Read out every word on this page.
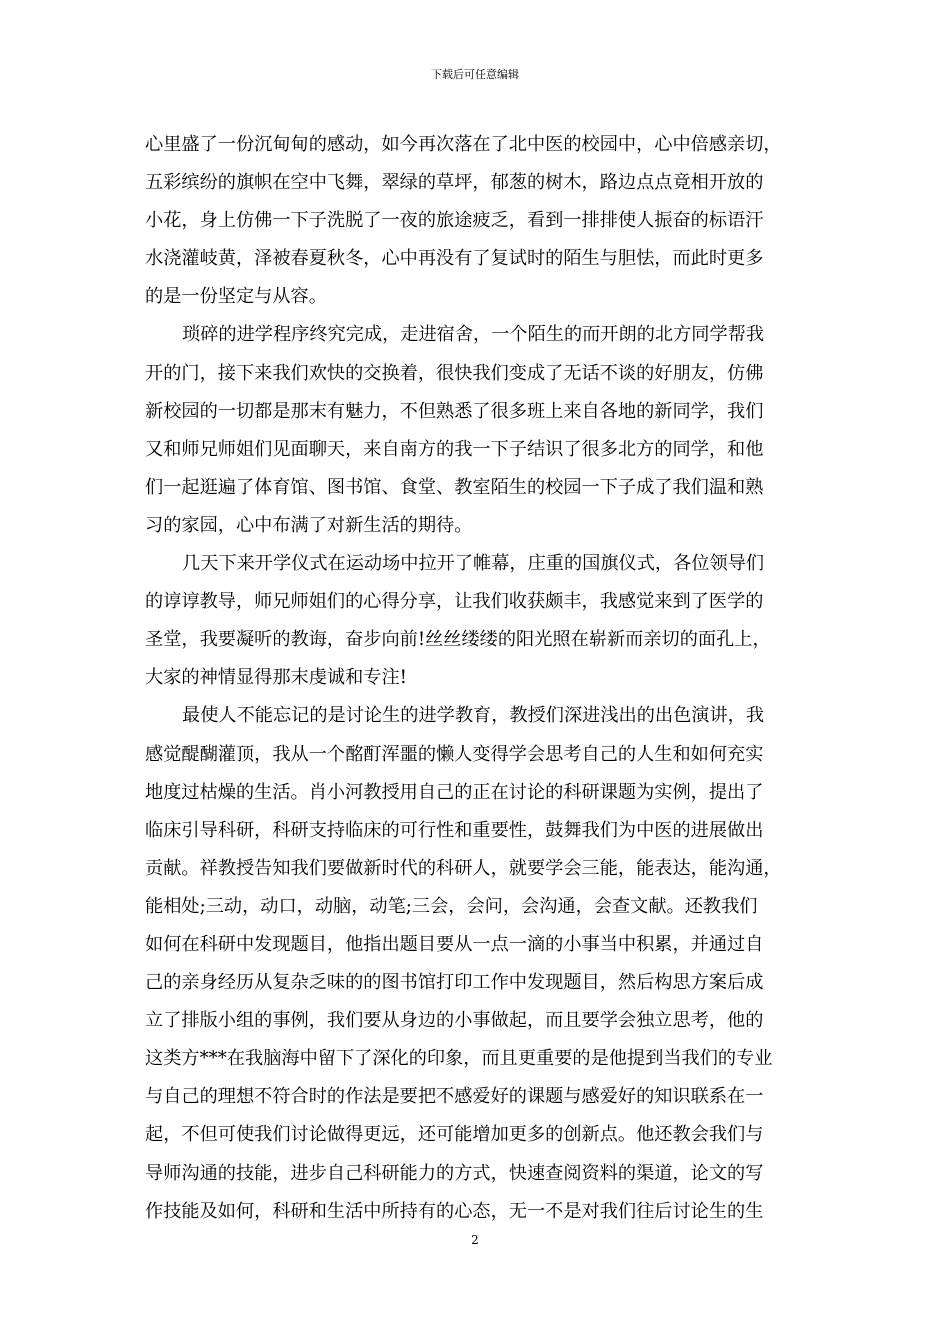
下载后可任意编辑
心里盛了一份沉甸甸的感动，如今再次落在了北中医的校园中，心中倍感亲切，
五彩缤纷的旗帜在空中飞舞，翠绿的草坪，郁葱的树木，路边点点竟相开放的
小花，身上仿佛一下子洗脱了一夜的旅途疲乏，看到一排排使人振奋的标语汗
水浇灌岐黄，泽被春夏秋冬，心中再没有了复试时的陌生与胆怯，而此时更多
的是一份坚定与从容。
琐碎的进学程序终究完成，走进宿舍，一个陌生的而开朗的北方同学帮我
开的门，接下来我们欢快的交换着，很快我们变成了无话不谈的好朋友，仿佛
新校园的一切都是那末有魅力，不但熟悉了很多班上来自各地的新同学，我们
又和师兄师姐们见面聊天，来自南方的我一下子结识了很多北方的同学，和他
们一起逛遍了体育馆、图书馆、食堂、教室陌生的校园一下子成了我们温和熟
习的家园，心中布满了对新生活的期待。
几天下来开学仪式在运动场中拉开了帷幕，庄重的国旗仪式，各位领导们
的谆谆教导，师兄师姐们的心得分享，让我们收获颇丰，我感觉来到了医学的
圣堂，我要凝听的教诲，奋步向前!丝丝缕缕的阳光照在崭新而亲切的面孔上，
大家的神情显得那末虔诚和专注!
最使人不能忘记的是讨论生的进学教育，教授们深进浅出的出色演讲，我
感觉醍醐灌顶，我从一个酩酊浑噩的懒人变得学会思考自己的人生和如何充实
地度过枯燥的生活。肖小河教授用自己的正在讨论的科研课题为实例，提出了
临床引导科研，科研支持临床的可行性和重要性，鼓舞我们为中医的进展做出
贡献。祥教授告知我们要做新时代的科研人，就要学会三能，能表达，能沟通，
能相处;三动，动口，动脑，动笔;三会，会问，会沟通，会查文献。还教我们
如何在科研中发现题目，他指出题目要从一点一滴的小事当中积累，并通过自
己的亲身经历从复杂乏味的的图书馆打印工作中发现题目，然后构思方案后成
立了排版小组的事例，我们要从身边的小事做起，而且要学会独立思考，他的
这类方***在我脑海中留下了深化的印象，而且更重要的是他提到当我们的专业
与自己的理想不符合时的作法是要把不感爱好的课题与感爱好的知识联系在一
起，不但可使我们讨论做得更远，还可能增加更多的创新点。他还教会我们与
导师沟通的技能，进步自己科研能力的方式，快速查阅资料的渠道，论文的写
作技能及如何，科研和生活中所持有的心态，无一不是对我们往后讨论生的生
2
